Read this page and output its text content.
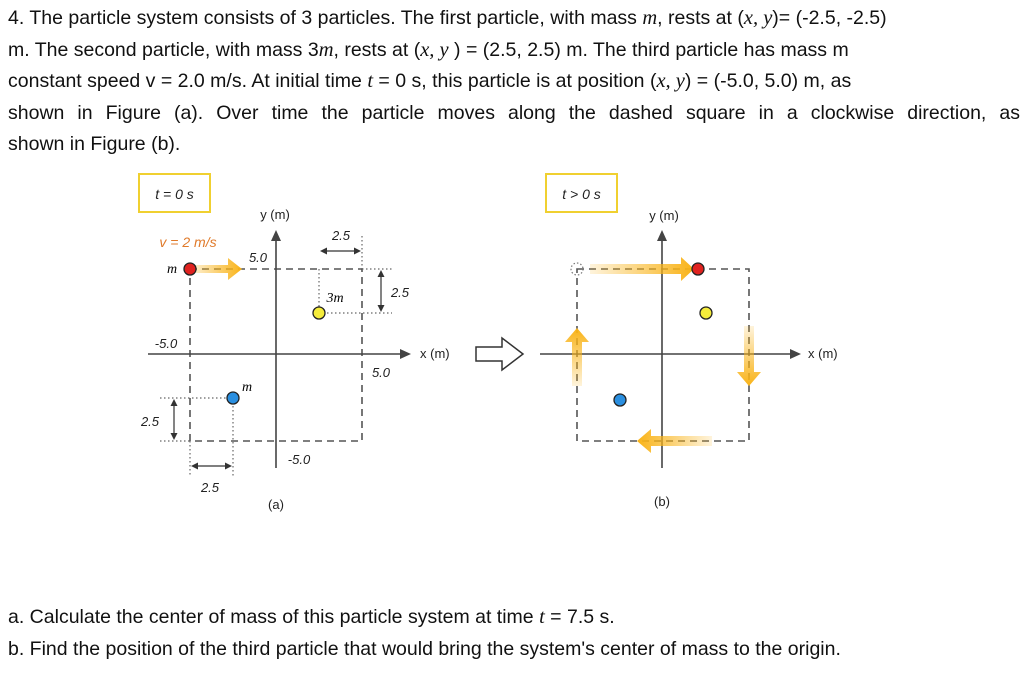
4. The particle system consists of 3 particles. The first particle, with mass m, rests at (x, y)= (-2.5, -2.5)
m. The second particle, with mass 3m, rests at (x, y ) = (2.5, 2.5) m. The third particle has mass m
constant speed v = 2.0 m/s. At initial time t = 0 s, this particle is at position (x, y) = (-5.0, 5.0) m, as
shown in Figure (a). Over time the particle moves along the dashed square in a clockwise direction, as
shown in Figure (b).
t = 0 s
y (m)
x (m)
5.0
-5.0
5.0
-5.0
v = 2 m/s
m
3m
2.5
2.5
m
2.5
2.5
(a)
t > 0 s
y (m)
x (m)
(b)
a. Calculate the center of mass of this particle system at time t = 7.5 s.
b. Find the position of the third particle that would bring the system's center of mass to the origin.
